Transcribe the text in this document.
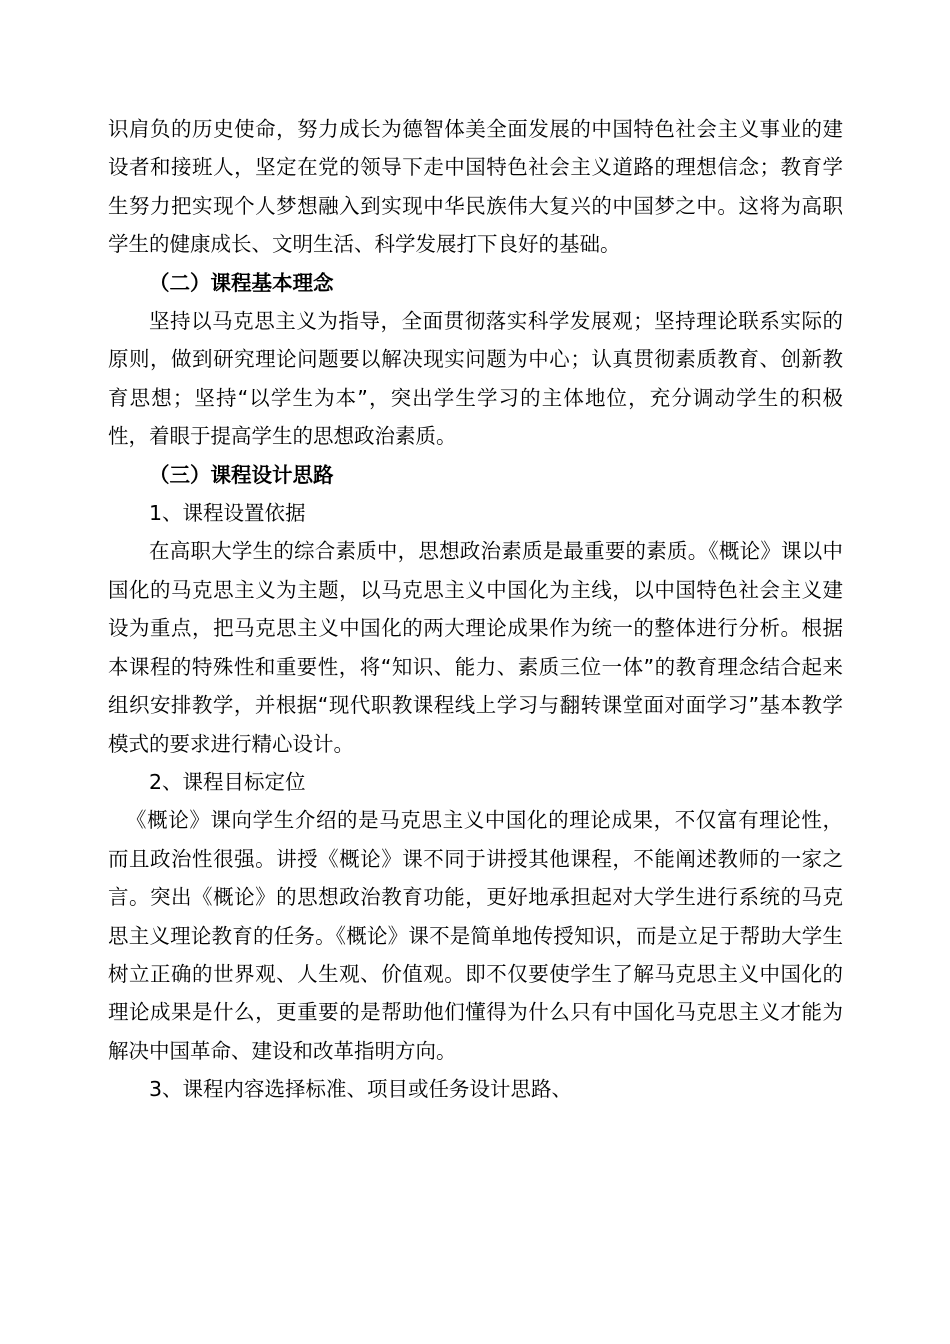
识肩负的历史使命，努力成长为德智体美全面发展的中国特色社会主义事业的建设者和接班人，坚定在党的领导下走中国特色社会主义道路的理想信念；教育学生努力把实现个人梦想融入到实现中华民族伟大复兴的中国梦之中。这将为高职学生的健康成长、文明生活、科学发展打下良好的基础。

（二）课程基本理念

坚持以马克思主义为指导，全面贯彻落实科学发展观；坚持理论联系实际的原则，做到研究理论问题要以解决现实问题为中心；认真贯彻素质教育、创新教育思想；坚持“以学生为本”，突出学生学习的主体地位，充分调动学生的积极性，着眼于提高学生的思想政治素质。

（三）课程设计思路

1、课程设置依据

在高职大学生的综合素质中，思想政治素质是最重要的素质。《概论》课以中国化的马克思主义为主题，以马克思主义中国化为主线，以中国特色社会主义建设为重点，把马克思主义中国化的两大理论成果作为统一的整体进行分析。根据本课程的特殊性和重要性，将“知识、能力、素质三位一体”的教育理念结合起来组织安排教学，并根据“现代职教课程线上学习与翻转课堂面对面学习”基本教学模式的要求进行精心设计。

2、课程目标定位

《概论》课向学生介绍的是马克思主义中国化的理论成果，不仅富有理论性，而且政治性很强。讲授《概论》课不同于讲授其他课程，不能阐述教师的一家之言。突出《概论》的思想政治教育功能，更好地承担起对大学生进行系统的马克思主义理论教育的任务。《概论》课不是简单地传授知识，而是立足于帮助大学生树立正确的世界观、人生观、价值观。即不仅要使学生了解马克思主义中国化的理论成果是什么，更重要的是帮助他们懂得为什么只有中国化马克思主义才能为解决中国革命、建设和改革指明方向。

3、课程内容选择标准、项目或任务设计思路、
